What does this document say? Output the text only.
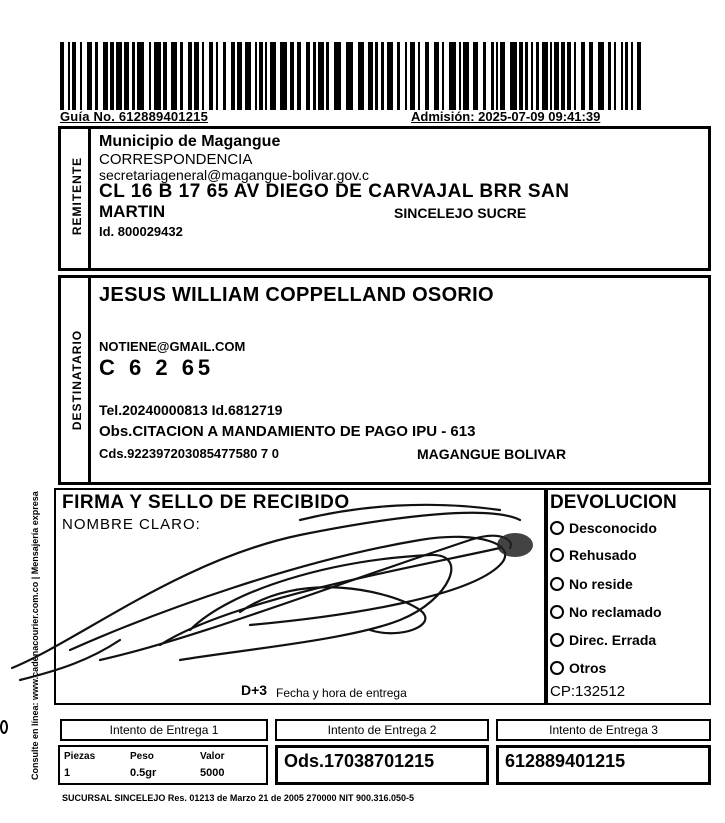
Guía No. 612889401215	Admisión: 2025-07-09 09:41:39
REMITENTE
Municipio de Magangue
CORRESPONDENCIA
secretariageneral@magangue-bolivar.gov.c
CL 16 B 17 65 AV DIEGO DE CARVAJAL BRR SAN
MARTIN	SINCELEJO SUCRE
Id. 800029432
DESTINATARIO
JESUS WILLIAM COPPELLAND OSORIO
NOTIENE@GMAIL.COM
C 6 2 65
Tel.20240000813 Id.6812719
Obs.CITACION A MANDAMIENTO DE PAGO IPU - 613
Cds.922397203085477580 7 0	MAGANGUE BOLIVAR
FIRMA Y SELLO DE RECIBIDO
NOMBRE CLARO:
D+3 Fecha y hora de entrega
DEVOLUCION
Desconocido
Rehusado
No reside
No reclamado
Direc. Errada
Otros
CP:132512
Intento de Entrega 1	Intento de Entrega 2	Intento de Entrega 3
Piezas	Peso	Valor
1	0.5gr	5000
Ods.17038701215	612889401215
SUCURSAL SINCELEJO Res. 01213 de Marzo 21 de 2005 270000 NIT 900.316.050-5
Consulte en línea: www.cadenacourier.com.co | Mensajería expresa
